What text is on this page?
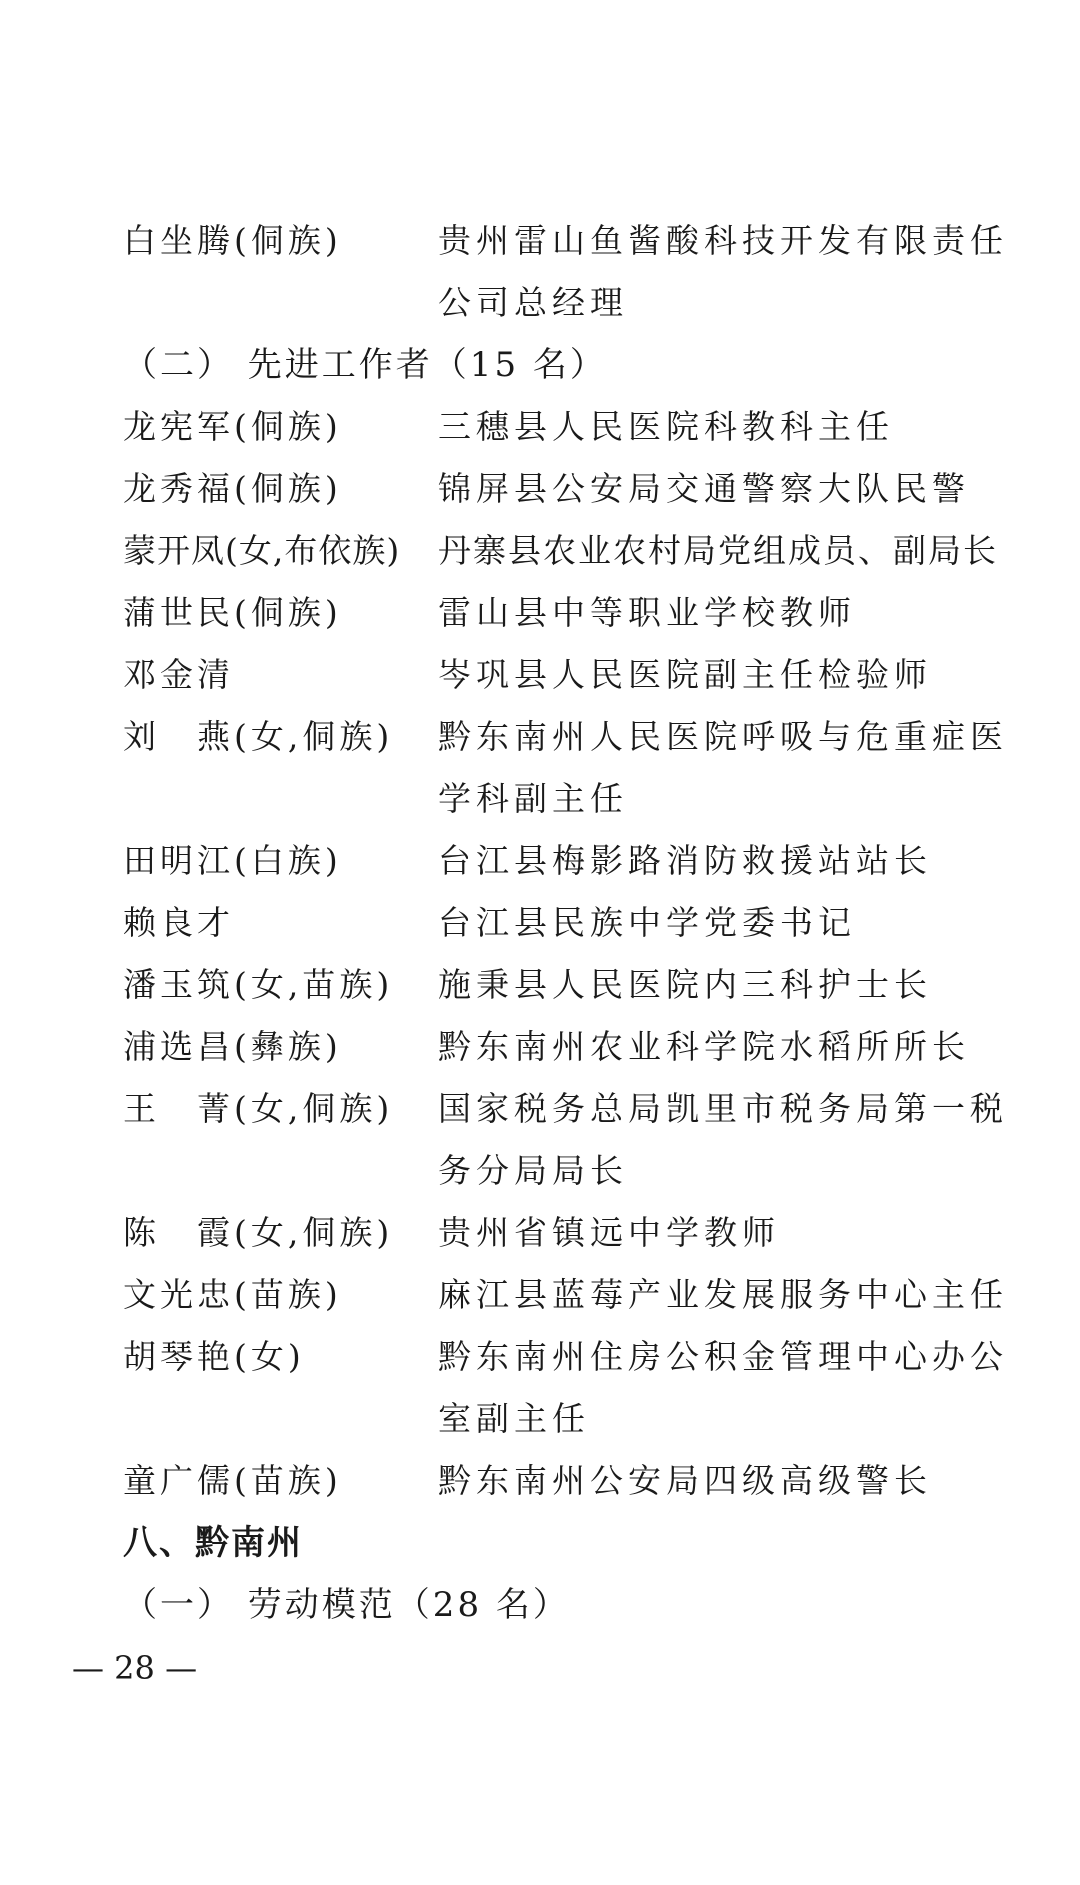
白坐腾(侗族)	贵州雷山鱼酱酸科技开发有限责任
公司总经理
（二） 先进工作者（15 名）
龙宪军(侗族)	三穗县人民医院科教科主任
龙秀福(侗族)	锦屏县公安局交通警察大队民警
蒙开凤(女,布依族) 丹寨县农业农村局党组成员、副局长
蒲世民(侗族)	雷山县中等职业学校教师
邓金清	岑巩县人民医院副主任检验师
刘　燕(女,侗族) 黔东南州人民医院呼吸与危重症医
学科副主任
田明江(白族)	台江县梅影路消防救援站站长
赖良才	台江县民族中学党委书记
潘玉筑(女,苗族) 施秉县人民医院内三科护士长
浦选昌(彝族)	黔东南州农业科学院水稻所所长
王　菁(女,侗族) 国家税务总局凯里市税务局第一税
务分局局长
陈　霞(女,侗族) 贵州省镇远中学教师
文光忠(苗族)	麻江县蓝莓产业发展服务中心主任
胡琴艳(女)	黔东南州住房公积金管理中心办公
室副主任
童广儒(苗族)	黔东南州公安局四级高级警长
八、黔南州
（一） 劳动模范（28 名）
— 28 —
